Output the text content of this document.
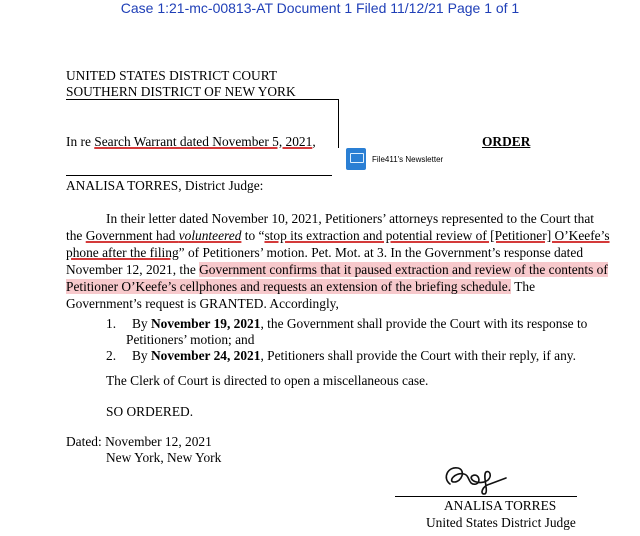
Case 1:21-mc-00813-AT Document 1 Filed 11/12/21 Page 1 of 1
UNITED STATES DISTRICT COURT
SOUTHERN DISTRICT OF NEW YORK
In re Search Warrant dated November 5, 2021,	ORDER
File411's Newsletter
ANALISA TORRES, District Judge:
In their letter dated November 10, 2021, Petitioners’ attorneys represented to the Court that
the Government had volunteered to “stop its extraction and potential review of [Petitioner] O’Keefe’s
phone after the filing” of Petitioners’ motion. Pet. Mot. at 3. In the Government’s response dated
November 12, 2021, the Government confirms that it paused extraction and review of the contents of
Petitioner O’Keefe’s cellphones and requests an extension of the briefing schedule. The
Government’s request is GRANTED. Accordingly,
1.	By November 19, 2021, the Government shall provide the Court with its response to
Petitioners’ motion; and
2.	By November 24, 2021, Petitioners shall provide the Court with their reply, if any.
The Clerk of Court is directed to open a miscellaneous case.
SO ORDERED.
Dated: November 12, 2021
New York, New York
ANALISA TORRES
United States District Judge
